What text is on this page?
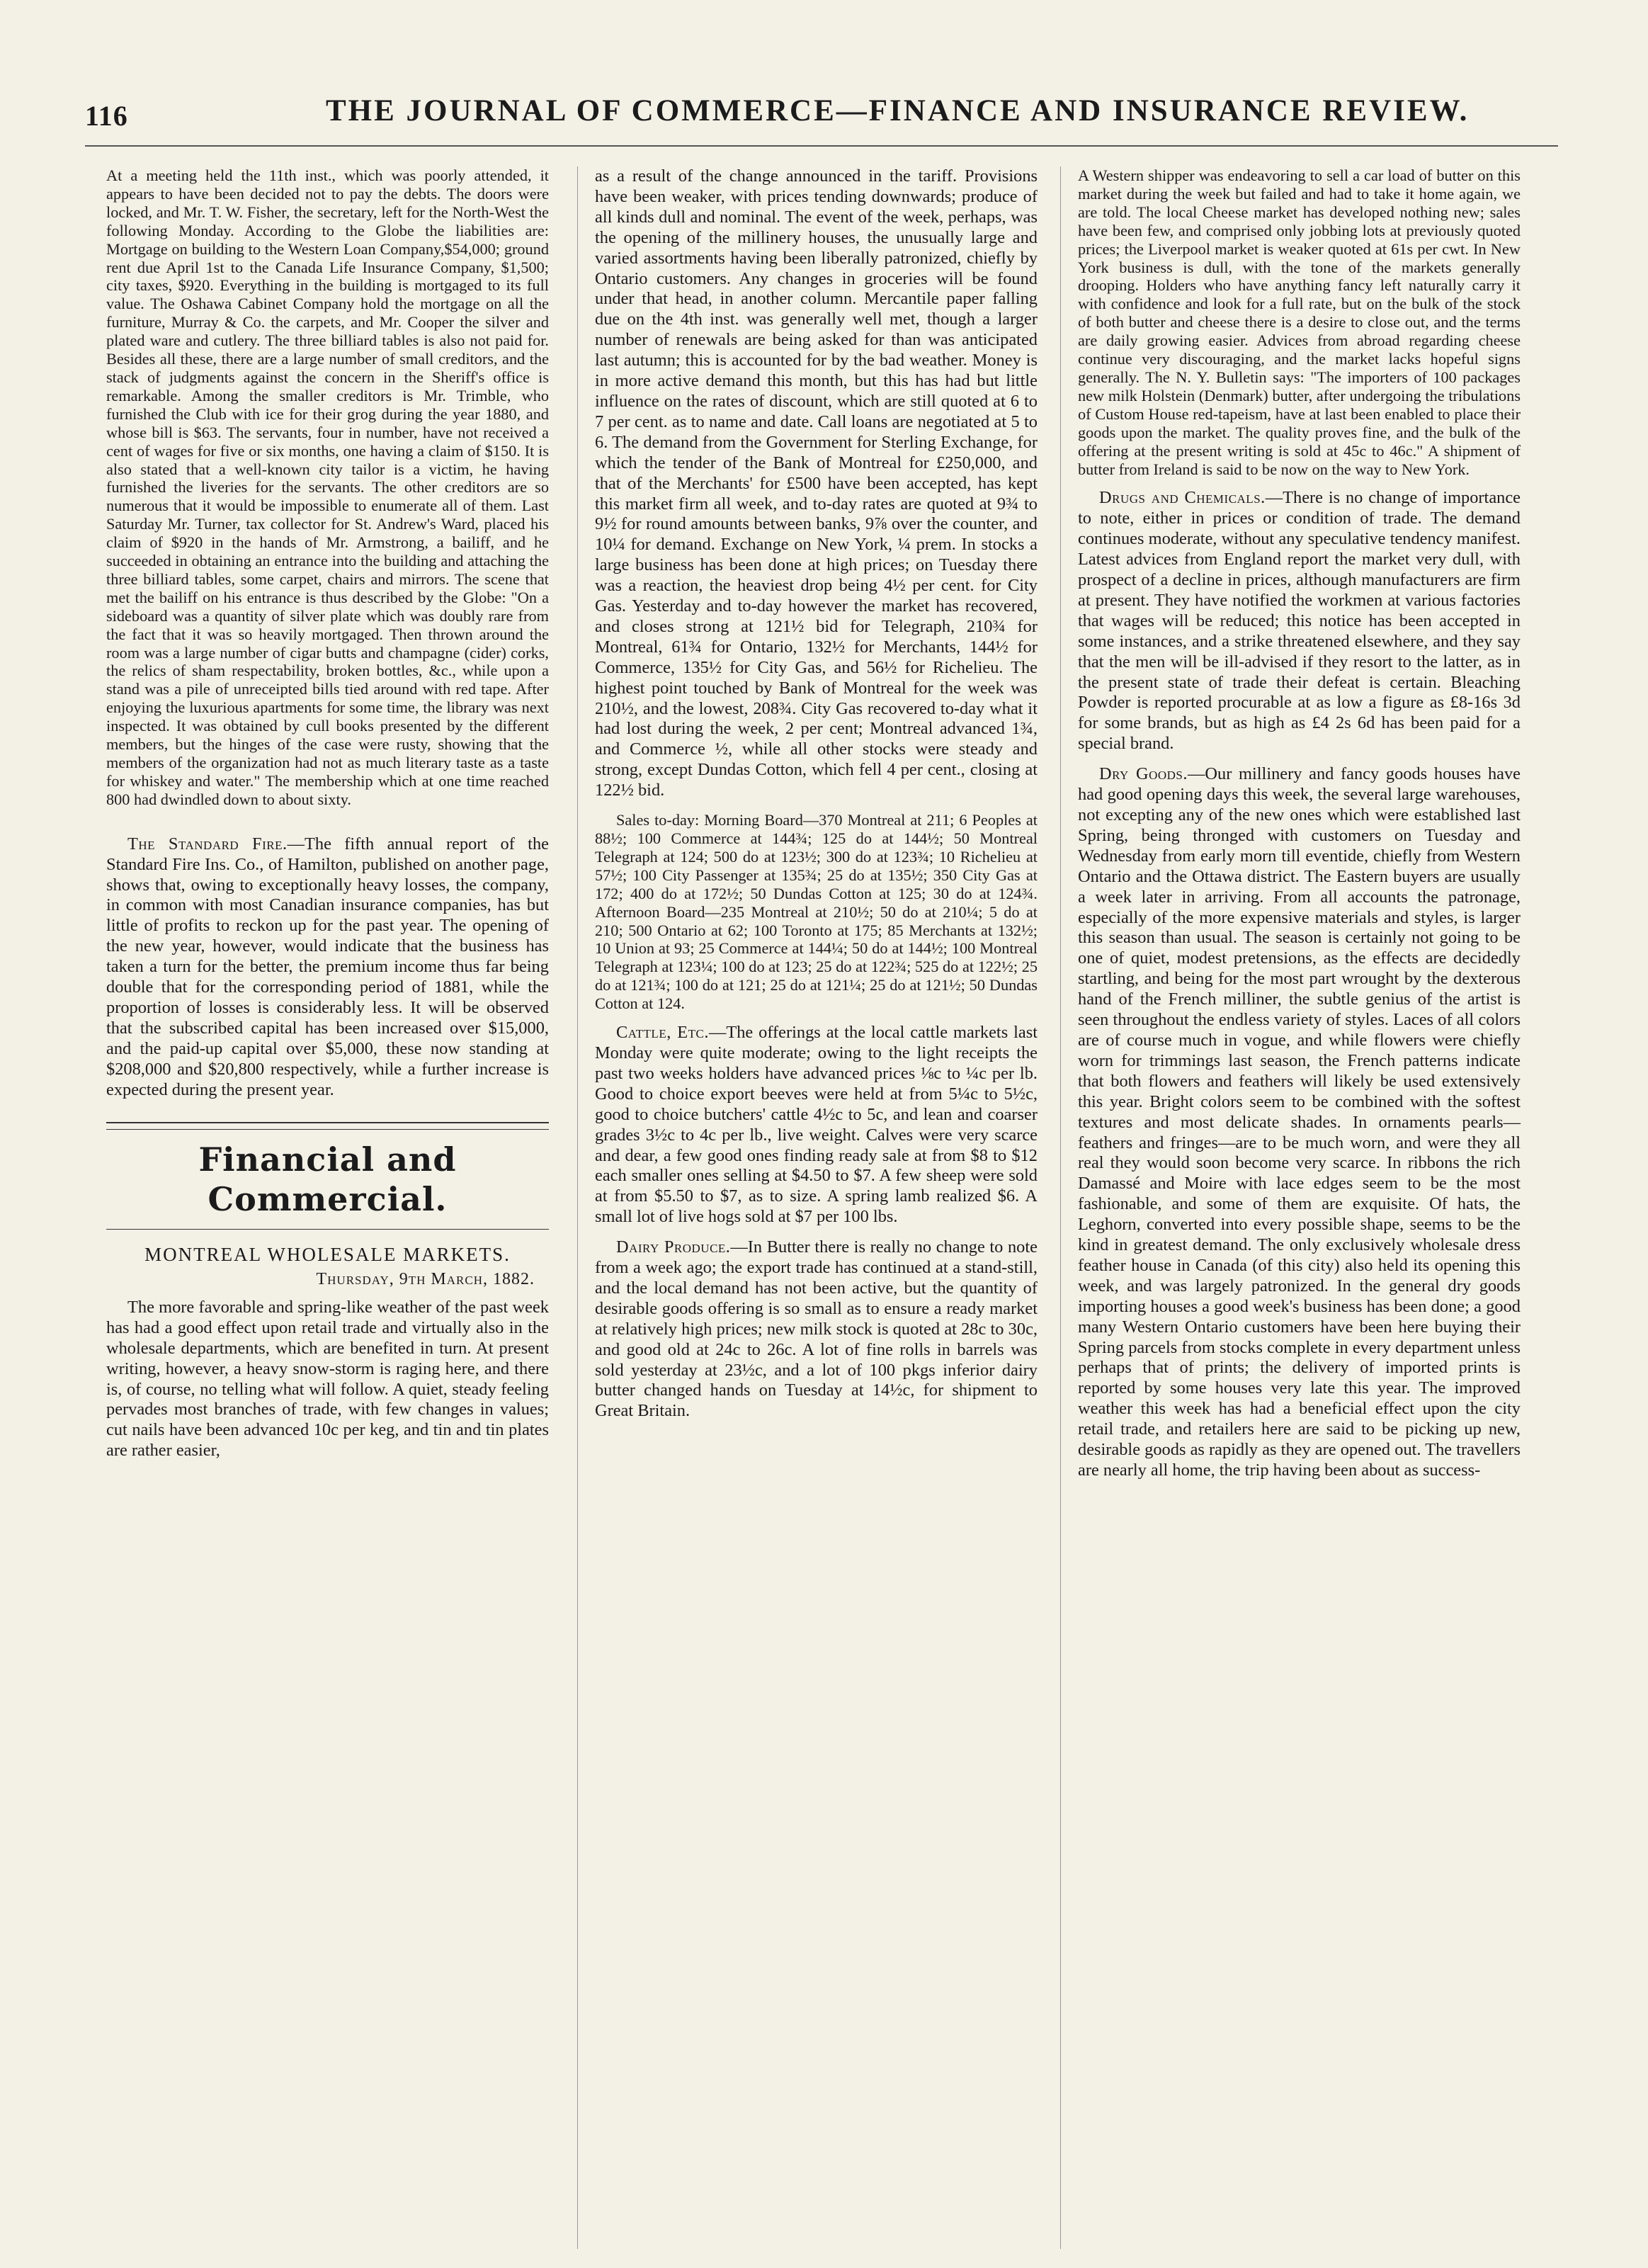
116	THE JOURNAL OF COMMERCE—FINANCE AND INSURANCE REVIEW.

At a meeting held the 11th inst., which was poorly attended, it appears to have been decided not to pay the debts. The doors were locked, and Mr. T. W. Fisher, the secretary, left for the North-West the following Monday. According to the Globe the liabilities are: Mortgage on building to the Western Loan Company,$54,000; ground rent due April 1st to the Canada Life Insurance Company, $1,500; city taxes, $920. Everything in the building is mortgaged to its full value. The Oshawa Cabinet Company hold the mortgage on all the furniture, Murray & Co. the carpets, and Mr. Cooper the silver and plated ware and cutlery. The three billiard tables is also not paid for. Besides all these, there are a large number of small creditors, and the stack of judgments against the concern in the Sheriff's office is remarkable. Among the smaller creditors is Mr. Trimble, who furnished the Club with ice for their grog during the year 1880, and whose bill is $63. The servants, four in number, have not received a cent of wages for five or six months, one having a claim of $150. It is also stated that a well-known city tailor is a victim, he having furnished the liveries for the servants. The other creditors are so numerous that it would be impossible to enumerate all of them. Last Saturday Mr. Turner, tax collector for St. Andrew's Ward, placed his claim of $920 in the hands of Mr. Armstrong, a bailiff, and he succeeded in obtaining an entrance into the building and attaching the three billiard tables, some carpet, chairs and mirrors. The scene that met the bailiff on his entrance is thus described by the Globe: "On a sideboard was a quantity of silver plate which was doubly rare from the fact that it was so heavily mortgaged. Then thrown around the room was a large number of cigar butts and champagne (cider) corks, the relics of sham respectability, broken bottles, &c., while upon a stand was a pile of unreceipted bills tied around with red tape. After enjoying the luxurious apartments for some time, the library was next inspected. It was obtained by cull books presented by the different members, but the hinges of the case were rusty, showing that the members of the organization had not as much literary taste as a taste for whiskey and water." The membership which at one time reached 800 had dwindled down to about sixty.

The Standard Fire.—The fifth annual report of the Standard Fire Ins. Co., of Hamilton, published on another page, shows that, owing to exceptionally heavy losses, the company, in common with most Canadian insurance companies, has but little of profits to reckon up for the past year. The opening of the new year, however, would indicate that the business has taken a turn for the better, the premium income thus far being double that for the corresponding period of 1881, while the proportion of losses is considerably less. It will be observed that the subscribed capital has been increased over $15,000, and the paid-up capital over $5,000, these now standing at $208,000 and $20,800 respectively, while a further increase is expected during the present year.

Financial and Commercial.
MONTREAL WHOLESALE MARKETS.
Thursday, 9th March, 1882.

The more favorable and spring-like weather of the past week has had a good effect upon retail trade and virtually also in the wholesale departments, which are benefited in turn. At present writing, however, a heavy snow-storm is raging here, and there is, of course, no telling what will follow. A quiet, steady feeling pervades most branches of trade, with few changes in values; cut nails have been advanced 10c per keg, and tin and tin plates are rather easier,

as a result of the change announced in the tariff. Provisions have been weaker, with prices tending downwards; produce of all kinds dull and nominal. The event of the week, perhaps, was the opening of the millinery houses, the unusually large and varied assortments having been liberally patronized, chiefly by Ontario customers. Any changes in groceries will be found under that head, in another column. Mercantile paper falling due on the 4th inst. was generally well met, though a larger number of renewals are being asked for than was anticipated last autumn; this is accounted for by the bad weather. Money is in more active demand this month, but this has had but little influence on the rates of discount, which are still quoted at 6 to 7 per cent. as to name and date. Call loans are negotiated at 5 to 6. The demand from the Government for Sterling Exchange, for which the tender of the Bank of Montreal for £250,000, and that of the Merchants' for £500 have been accepted, has kept this market firm all week, and to-day rates are quoted at 9¾ to 9½ for round amounts between banks, 9⅞ over the counter, and 10¼ for demand. Exchange on New York, ¼ prem. In stocks a large business has been done at high prices; on Tuesday there was a reaction, the heaviest drop being 4½ per cent. for City Gas. Yesterday and to-day however the market has recovered, and closes strong at 121½ bid for Telegraph, 210¾ for Montreal, 61¾ for Ontario, 132½ for Merchants, 144½ for Commerce, 135½ for City Gas, and 56½ for Richelieu. The highest point touched by Bank of Montreal for the week was 210½, and the lowest, 208¾. City Gas recovered to-day what it had lost during the week, 2 per cent; Montreal advanced 1¾, and Commerce ½, while all other stocks were steady and strong, except Dundas Cotton, which fell 4 per cent., closing at 122½ bid.

Sales to-day: Morning Board—370 Montreal at 211; 6 Peoples at 88½; 100 Commerce at 144¾; 125 do at 144½; 50 Montreal Telegraph at 124; 500 do at 123½; 300 do at 123¾; 10 Richelieu at 57½; 100 City Passenger at 135¾; 25 do at 135½; 350 City Gas at 172; 400 do at 172½; 50 Dundas Cotton at 125; 30 do at 124¾. Afternoon Board—235 Montreal at 210½; 50 do at 210¼; 5 do at 210; 500 Ontario at 62; 100 Toronto at 175; 85 Merchants at 132½; 10 Union at 93; 25 Commerce at 144¼; 50 do at 144½; 100 Montreal Telegraph at 123¼; 100 do at 123; 25 do at 122¾; 525 do at 122½; 25 do at 121¾; 100 do at 121; 25 do at 121¼; 25 do at 121½; 50 Dundas Cotton at 124.

Cattle, Etc.—The offerings at the local cattle markets last Monday were quite moderate; owing to the light receipts the past two weeks holders have advanced prices ⅛c to ¼c per lb. Good to choice export beeves were held at from 5¼c to 5½c, good to choice butchers' cattle 4½c to 5c, and lean and coarser grades 3½c to 4c per lb., live weight. Calves were very scarce and dear, a few good ones finding ready sale at from $8 to $12 each smaller ones selling at $4.50 to $7. A few sheep were sold at from $5.50 to $7, as to size. A spring lamb realized $6. A small lot of live hogs sold at $7 per 100 lbs.

Dairy Produce.—In Butter there is really no change to note from a week ago; the export trade has continued at a stand-still, and the local demand has not been active, but the quantity of desirable goods offering is so small as to ensure a ready market at relatively high prices; new milk stock is quoted at 28c to 30c, and good old at 24c to 26c. A lot of fine rolls in barrels was sold yesterday at 23½c, and a lot of 100 pkgs inferior dairy butter changed hands on Tuesday at 14½c, for shipment to Great Britain.

A Western shipper was endeavoring to sell a car load of butter on this market during the week but failed and had to take it home again, we are told. The local Cheese market has developed nothing new; sales have been few, and comprised only jobbing lots at previously quoted prices; the Liverpool market is weaker quoted at 61s per cwt. In New York business is dull, with the tone of the markets generally drooping. Holders who have anything fancy left naturally carry it with confidence and look for a full rate, but on the bulk of the stock of both butter and cheese there is a desire to close out, and the terms are daily growing easier. Advices from abroad regarding cheese continue very discouraging, and the market lacks hopeful signs generally. The N. Y. Bulletin says: "The importers of 100 packages new milk Holstein (Denmark) butter, after undergoing the tribulations of Custom House red-tapeism, have at last been enabled to place their goods upon the market. The quality proves fine, and the bulk of the offering at the present writing is sold at 45c to 46c." A shipment of butter from Ireland is said to be now on the way to New York.

Drugs and Chemicals.—There is no change of importance to note, either in prices or condition of trade. The demand continues moderate, without any speculative tendency manifest. Latest advices from England report the market very dull, with prospect of a decline in prices, although manufacturers are firm at present. They have notified the workmen at various factories that wages will be reduced; this notice has been accepted in some instances, and a strike threatened elsewhere, and they say that the men will be ill-advised if they resort to the latter, as in the present state of trade their defeat is certain. Bleaching Powder is reported procurable at as low a figure as £8-16s 3d for some brands, but as high as £4 2s 6d has been paid for a special brand.

Dry Goods.—Our millinery and fancy goods houses have had good opening days this week, the several large warehouses, not excepting any of the new ones which were established last Spring, being thronged with customers on Tuesday and Wednesday from early morn till eventide, chiefly from Western Ontario and the Ottawa district. The Eastern buyers are usually a week later in arriving. From all accounts the patronage, especially of the more expensive materials and styles, is larger this season than usual. The season is certainly not going to be one of quiet, modest pretensions, as the effects are decidedly startling, and being for the most part wrought by the dexterous hand of the French milliner, the subtle genius of the artist is seen throughout the endless variety of styles. Laces of all colors are of course much in vogue, and while flowers were chiefly worn for trimmings last season, the French patterns indicate that both flowers and feathers will likely be used extensively this year. Bright colors seem to be combined with the softest textures and most delicate shades. In ornaments pearls—feathers and fringes—are to be much worn, and were they all real they would soon become very scarce. In ribbons the rich Damassé and Moire with lace edges seem to be the most fashionable, and some of them are exquisite. Of hats, the Leghorn, converted into every possible shape, seems to be the kind in greatest demand. The only exclusively wholesale dress feather house in Canada (of this city) also held its opening this week, and was largely patronized. In the general dry goods importing houses a good week's business has been done; a good many Western Ontario customers have been here buying their Spring parcels from stocks complete in every department unless perhaps that of prints; the delivery of imported prints is reported by some houses very late this year. The improved weather this week has had a beneficial effect upon the city retail trade, and retailers here are said to be picking up new, desirable goods as rapidly as they are opened out. The travellers are nearly all home, the trip having been about as success-
